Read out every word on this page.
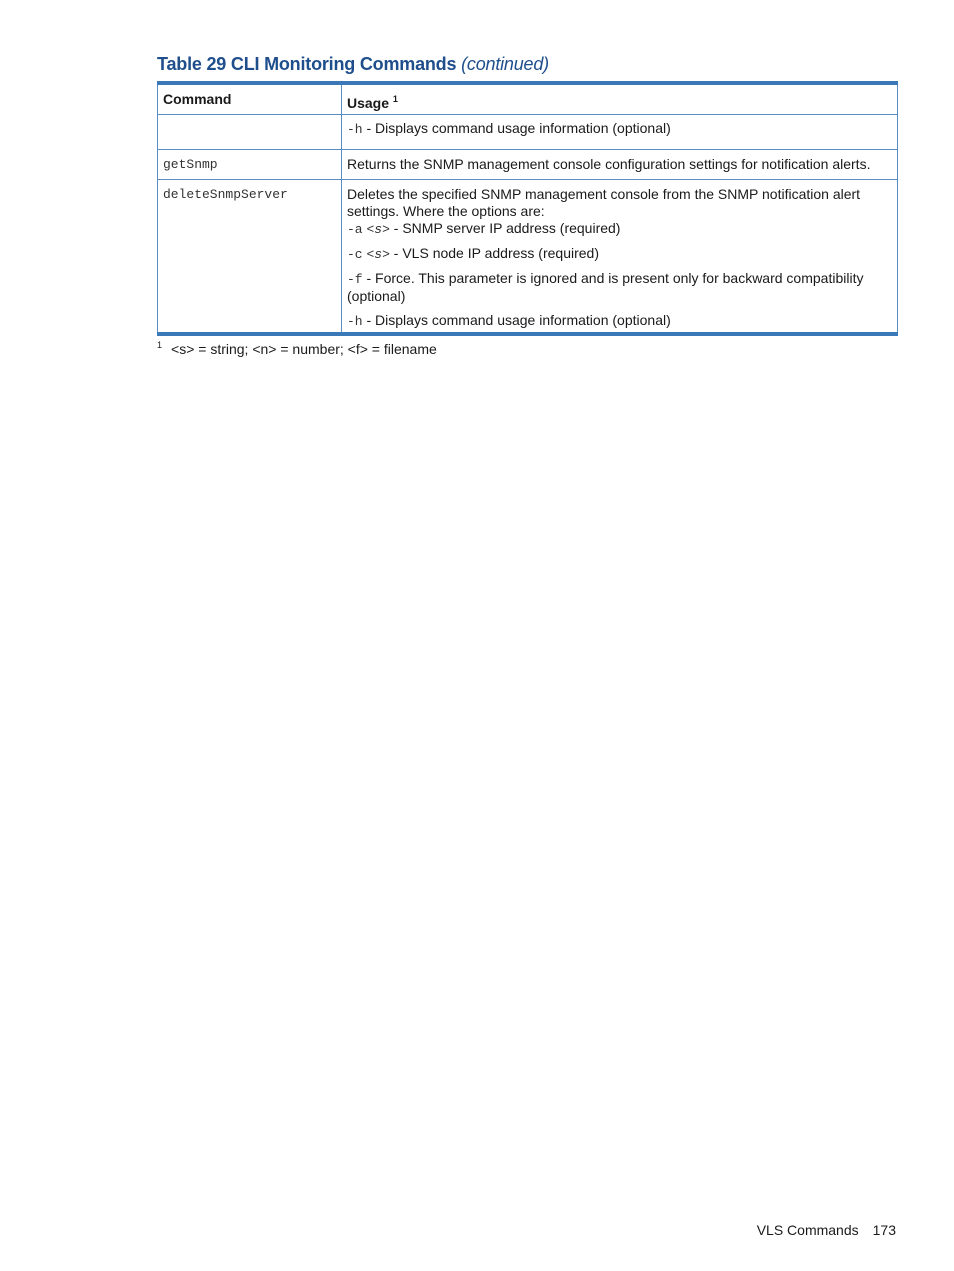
Table 29 CLI Monitoring Commands (continued)
Command	Usage $^1$

	-h - Displays command usage information (optional)

getSnmp	Returns the SNMP management console configuration settings for notification alerts.

deleteSnmpServer	Deletes the specified SNMP management console from the SNMP notification alert settings. Where the options are:
-a <s> - SNMP server IP address (required)

-c <s> - VLS node IP address (required)

-f - Force. This parameter is ignored and is present only for backward compatibility (optional)

-h - Displays command usage information (optional)

$^1$ <s> = string; <n> = number; <f> = filename
VLS Commands 173
